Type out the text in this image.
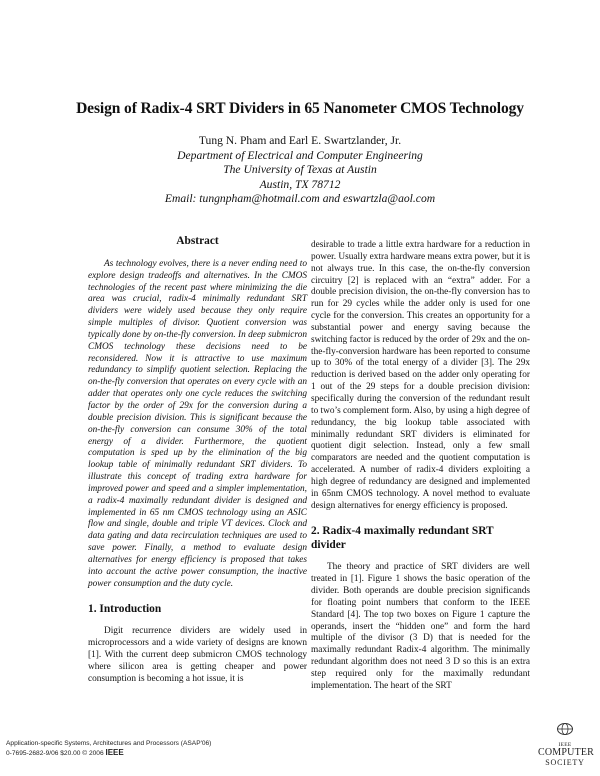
Design of Radix-4 SRT Dividers in 65 Nanometer CMOS Technology
Tung N. Pham and Earl E. Swartzlander, Jr.
Department of Electrical and Computer Engineering
The University of Texas at Austin
Austin, TX 78712
Email: tungnpham@hotmail.com and eswartzla@aol.com
Abstract

As technology evolves, there is a never ending need to explore design tradeoffs and alternatives. In the CMOS technologies of the recent past where minimizing the die area was crucial, radix-4 minimally redundant SRT dividers were widely used because they only require simple multiples of divisor. Quotient conversion was typically done by on-the-fly conversion. In deep submicron CMOS technology these decisions need to be reconsidered. Now it is attractive to use maximum redundancy to simplify quotient selection. Replacing the on-the-fly conversion that operates on every cycle with an adder that operates only one cycle reduces the switching factor by the order of 29x for the conversion during a double precision division. This is significant because the on-the-fly conversion can consume 30% of the total energy of a divider. Furthermore, the quotient computation is sped up by the elimination of the big lookup table of minimally redundant SRT dividers. To illustrate this concept of trading extra hardware for improved power and speed and a simpler implementation, a radix-4 maximally redundant divider is designed and implemented in 65 nm CMOS technology using an ASIC flow and single, double and triple VT devices. Clock and data gating and data recirculation techniques are used to save power. Finally, a method to evaluate design alternatives for energy efficiency is proposed that takes into account the active power consumption, the inactive power consumption and the duty cycle.

1. Introduction

Digit recurrence dividers are widely used in microprocessors and a wide variety of designs are known [1]. With the current deep submicron CMOS technology where silicon area is getting cheaper and power consumption is becoming a hot issue, it is

desirable to trade a little extra hardware for a reduction in power. Usually extra hardware means extra power, but it is not always true. In this case, the on-the-fly conversion circuitry [2] is replaced with an “extra” adder. For a double precision division, the on-the-fly conversion has to run for 29 cycles while the adder only is used for one cycle for the conversion. This creates an opportunity for a substantial power and energy saving because the switching factor is reduced by the order of 29x and the on-the-fly-conversion hardware has been reported to consume up to 30% of the total energy of a divider [3]. The 29x reduction is derived based on the adder only operating for 1 out of the 29 steps for a double precision division: specifically during the conversion of the redundant result to two’s complement form. Also, by using a high degree of redundancy, the big lookup table associated with minimally redundant SRT dividers is eliminated for quotient digit selection. Instead, only a few small comparators are needed and the quotient computation is accelerated. A number of radix-4 dividers exploiting a high degree of redundancy are designed and implemented in 65nm CMOS technology. A novel method to evaluate design alternatives for energy efficiency is proposed.

2. Radix-4 maximally redundant SRT divider

The theory and practice of SRT dividers are well treated in [1]. Figure 1 shows the basic operation of the divider. Both operands are double precision significands for floating point numbers that conform to the IEEE Standard [4]. The top two boxes on Figure 1 capture the operands, insert the “hidden one” and form the hard multiple of the divisor (3 D) that is needed for the maximally redundant Radix-4 algorithm. The minimally redundant algorithm does not need 3 D so this is an extra step required only for the maximally redundant implementation. The heart of the SRT

Application-specific Systems, Architectures and Processors (ASAP'06)
0-7695-2682-9/06 $20.00 © 2006 IEEE
IEEE
COMPUTER
SOCIETY
